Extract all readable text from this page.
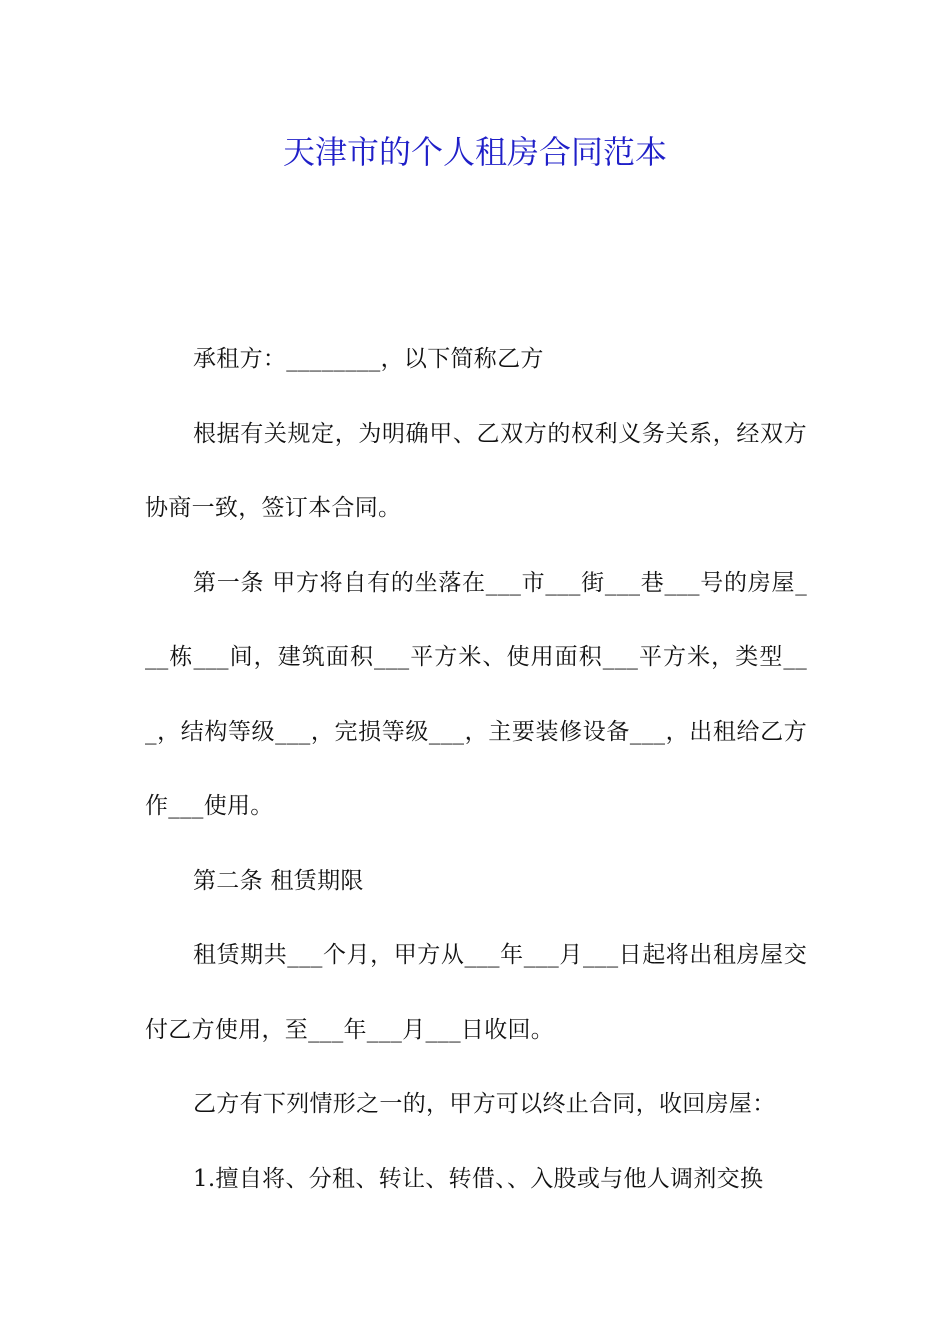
天津市的个人租房合同范本

承租方：________，以下简称乙方

根据有关规定，为明确甲、乙双方的权利义务关系，经双方协商一致，签订本合同。

第一条 甲方将自有的坐落在___市___街___巷___号的房屋___栋___间，建筑面积___平方米、使用面积___平方米，类型___，结构等级___，完损等级___，主要装修设备___，出租给乙方作___使用。

第二条 租赁期限

租赁期共___个月，甲方从___年___月___日起将出租房屋交付乙方使用，至___年___月___日收回。

乙方有下列情形之一的，甲方可以终止合同，收回房屋：

1.擅自将、分租、转让、转借、、入股或与他人调剂交换
